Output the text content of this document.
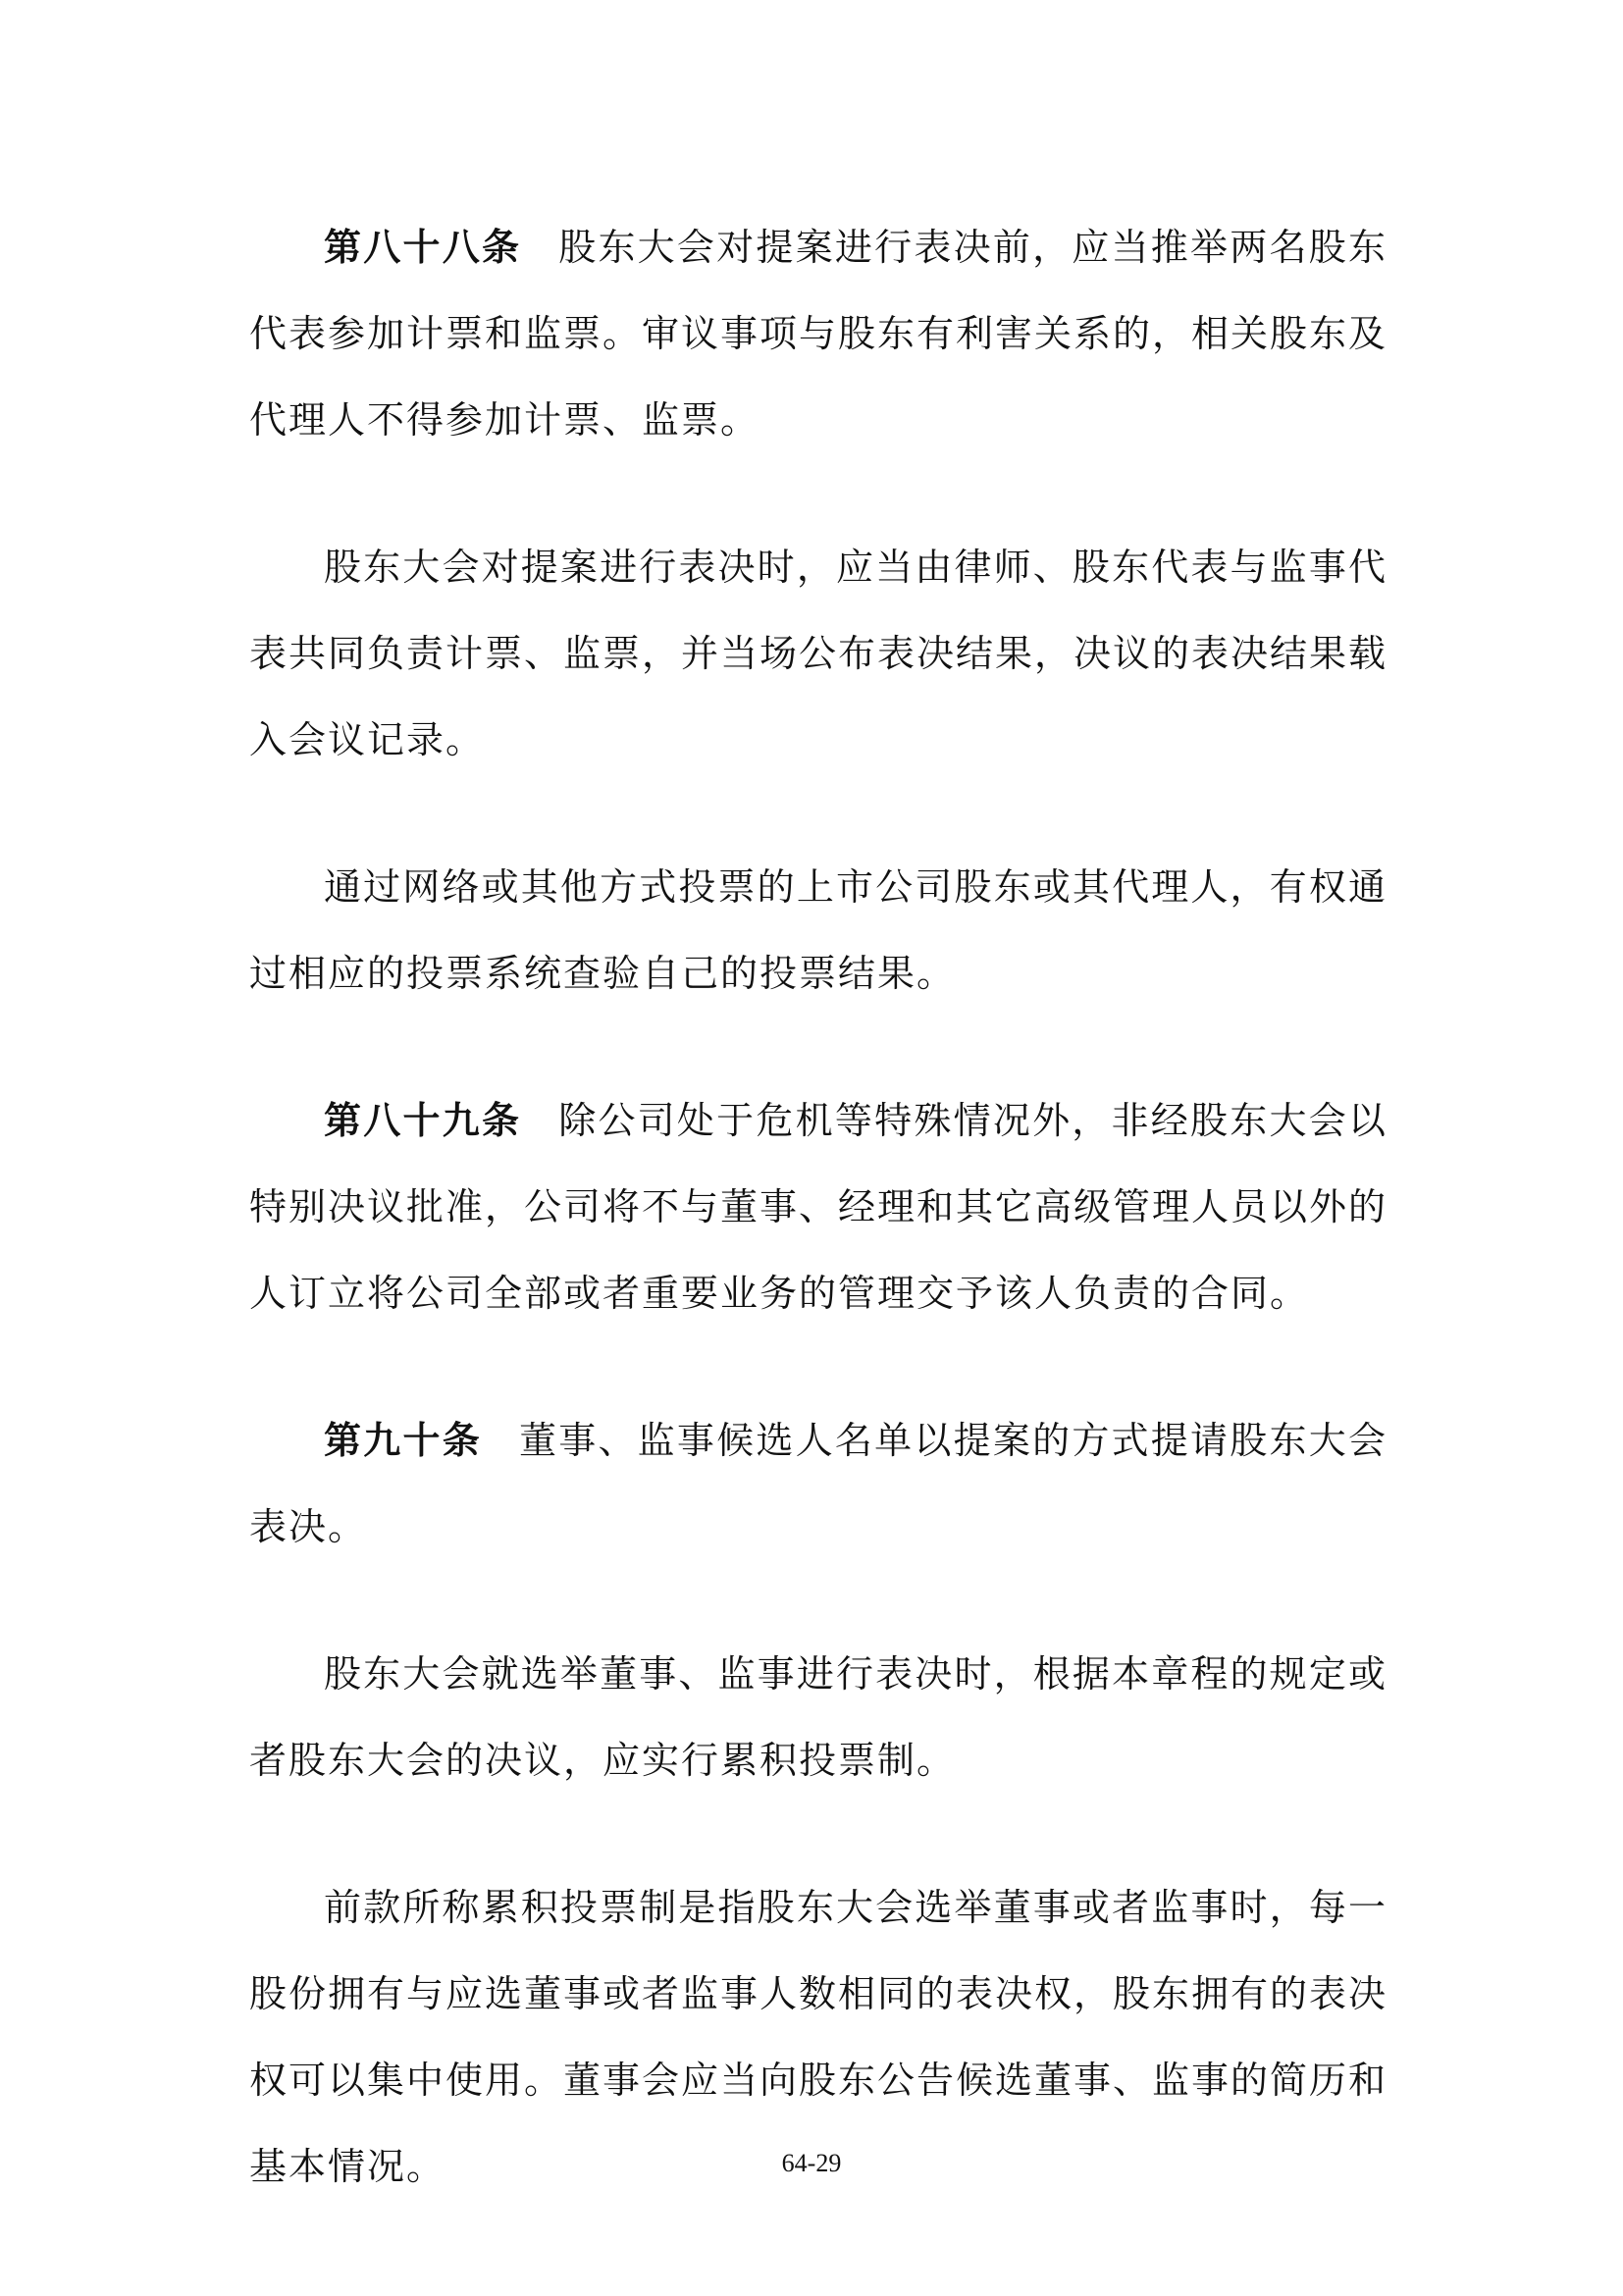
第八十八条 股东大会对提案进行表决前，应当推举两名股东代表参加计票和监票。审议事项与股东有利害关系的，相关股东及代理人不得参加计票、监票。

股东大会对提案进行表决时，应当由律师、股东代表与监事代表共同负责计票、监票，并当场公布表决结果，决议的表决结果载入会议记录。

通过网络或其他方式投票的上市公司股东或其代理人，有权通过相应的投票系统查验自己的投票结果。

第八十九条 除公司处于危机等特殊情况外，非经股东大会以特别决议批准，公司将不与董事、经理和其它高级管理人员以外的人订立将公司全部或者重要业务的管理交予该人负责的合同。

第九十条 董事、监事候选人名单以提案的方式提请股东大会表决。

股东大会就选举董事、监事进行表决时，根据本章程的规定或者股东大会的决议，应实行累积投票制。

前款所称累积投票制是指股东大会选举董事或者监事时，每一股份拥有与应选董事或者监事人数相同的表决权，股东拥有的表决权可以集中使用。董事会应当向股东公告候选董事、监事的简历和基本情况。	64-29
